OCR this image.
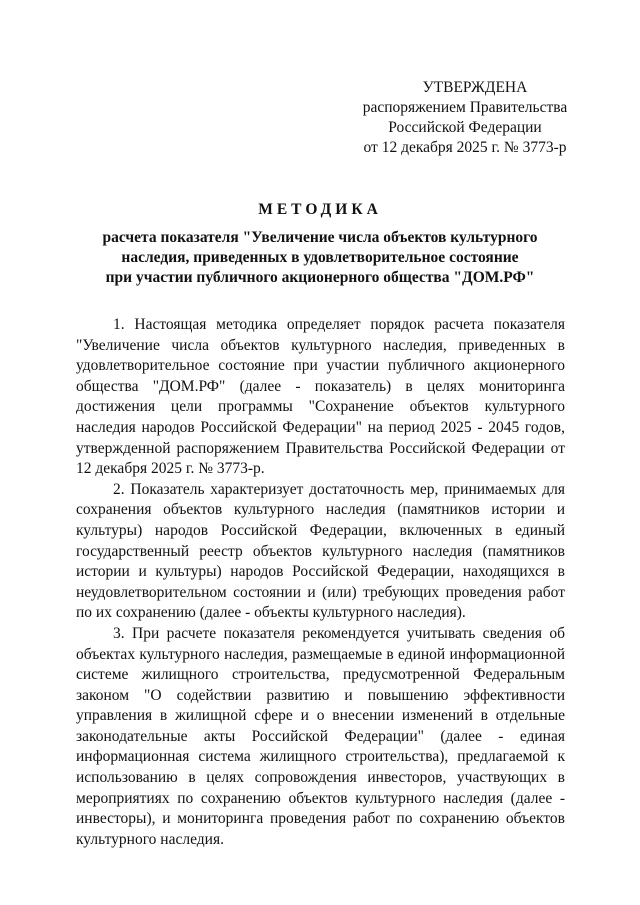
УТВЕРЖДЕНА
распоряжением Правительства
Российской Федерации
от 12 декабря 2025 г. № 3773-р
МЕТОДИКА
расчета показателя "Увеличение числа объектов культурного
наследия, приведенных в удовлетворительное состояние
при участии публичного акционерного общества "ДОМ.РФ"

1. Настоящая методика определяет порядок расчета показателя "Увеличение числа объектов культурного наследия, приведенных в удовлетворительное состояние при участии публичного акционерного общества "ДОМ.РФ" (далее - показатель) в целях мониторинга достижения цели программы "Сохранение объектов культурного наследия народов Российской Федерации" на период 2025 - 2045 годов, утвержденной распоряжением Правительства Российской Федерации от 12 декабря 2025 г. № 3773-р.

2. Показатель характеризует достаточность мер, принимаемых для сохранения объектов культурного наследия (памятников истории и культуры) народов Российской Федерации, включенных в единый государственный реестр объектов культурного наследия (памятников истории и культуры) народов Российской Федерации, находящихся в неудовлетворительном состоянии и (или) требующих проведения работ по их сохранению (далее - объекты культурного наследия).

3. При расчете показателя рекомендуется учитывать сведения об объектах культурного наследия, размещаемые в единой информационной системе жилищного строительства, предусмотренной Федеральным законом "О содействии развитию и повышению эффективности управления в жилищной сфере и о внесении изменений в отдельные законодательные акты Российской Федерации" (далее - единая информационная система жилищного строительства), предлагаемой к использованию в целях сопровождения инвесторов, участвующих в мероприятиях по сохранению объектов культурного наследия (далее - инвесторы), и мониторинга проведения работ по сохранению объектов культурного наследия.
